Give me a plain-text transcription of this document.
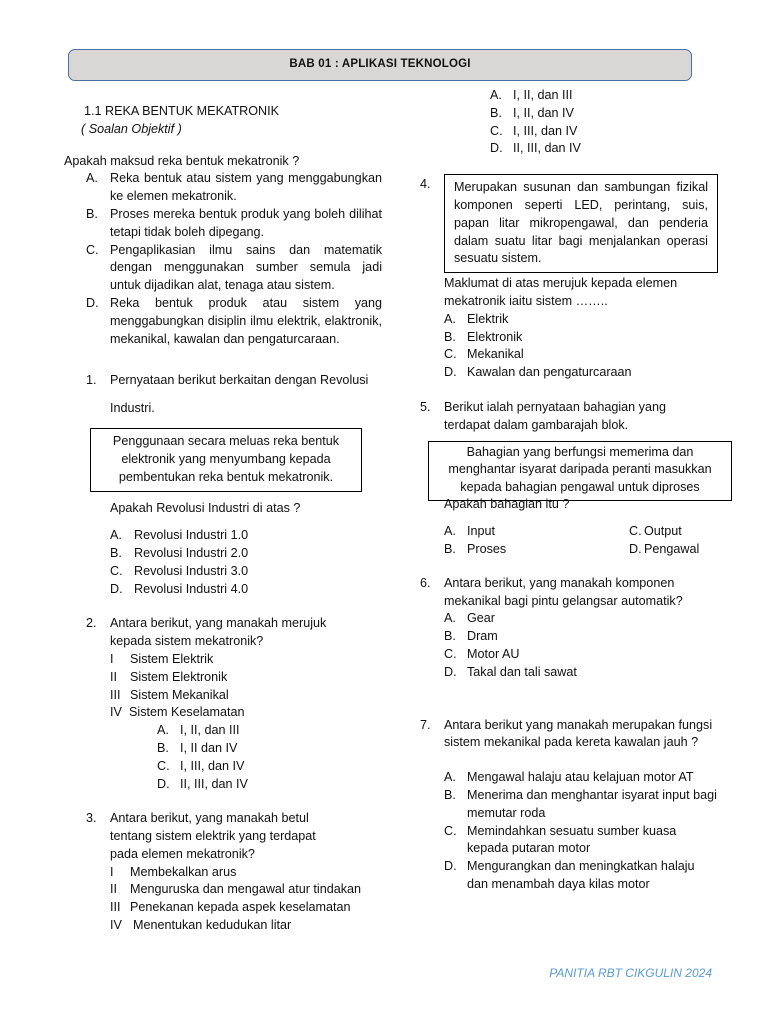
BAB 01 : APLIKASI TEKNOLOGI
1.1 REKA BENTUK MEKATRONIK
( Soalan Objektif )
Apakah maksud reka bentuk mekatronik ?
A. Reka bentuk atau sistem yang menggabungkan ke elemen mekatronik.
B. Proses mereka bentuk produk yang boleh dilihat tetapi tidak boleh dipegang.
C. Pengaplikasian ilmu sains dan matematik dengan menggunakan sumber semula jadi untuk dijadikan alat, tenaga atau sistem.
D. Reka bentuk produk atau sistem yang menggabungkan disiplin ilmu elektrik, elaktronik, mekanikal, kawalan dan pengaturcaraan.
1. Pernyataan berikut berkaitan dengan Revolusi
Industri.
Penggunaan secara meluas reka bentuk elektronik yang menyumbang kepada pembentukan reka bentuk mekatronik.
Apakah Revolusi Industri di atas ?
A. Revolusi Industri 1.0
B. Revolusi Industri 2.0
C. Revolusi Industri 3.0
D. Revolusi Industri 4.0
2. Antara berikut, yang manakah merujuk kepada sistem mekatronik?
I Sistem Elektrik
II Sistem Elektronik
III Sistem Mekanikal
IV Sistem Keselamatan
A. I, II, dan III
B. I, II dan IV
C. I, III, dan IV
D. II, III, dan IV
3. Antara berikut, yang manakah betul tentang sistem elektrik yang terdapat pada elemen mekatronik?
I Membekalkan arus
II Menguruska dan mengawal atur tindakan
III Penekanan kepada aspek keselamatan
IV Menentukan kedudukan litar
A. I, II, dan III
B. I, II, dan IV
C. I, III, dan IV
D. II, III, dan IV
4.	Merupakan susunan dan sambungan fizikal komponen seperti LED, perintang, suis, papan litar mikropengawal, dan penderia dalam suatu litar bagi menjalankan operasi sesuatu sistem.
Maklumat di atas merujuk kepada elemen mekatronik iaitu sistem ……..
A. Elektrik
B. Elektronik
C. Mekanikal
D. Kawalan dan pengaturcaraan
5. Berikut ialah pernyataan bahagian yang terdapat dalam gambarajah blok.
Bahagian yang berfungsi memerima dan menghantar isyarat daripada peranti masukkan kepada bahagian pengawal untuk diproses
Apakah bahagian itu ?
A. Input	C. Output
B. Proses	D. Pengawal
6. Antara berikut, yang manakah komponen mekanikal bagi pintu gelangsar automatik?
A. Gear
B. Dram
C. Motor AU
D. Takal dan tali sawat
7. Antara berikut yang manakah merupakan fungsi sistem mekanikal pada kereta kawalan jauh ?
A. Mengawal halaju atau kelajuan motor AT
B. Menerima dan menghantar isyarat input bagi memutar roda
C. Memindahkan sesuatu sumber kuasa kepada putaran motor
D. Mengurangkan dan meningkatkan halaju dan menambah daya kilas motor
PANITIA RBT CIKGULIN 2024
